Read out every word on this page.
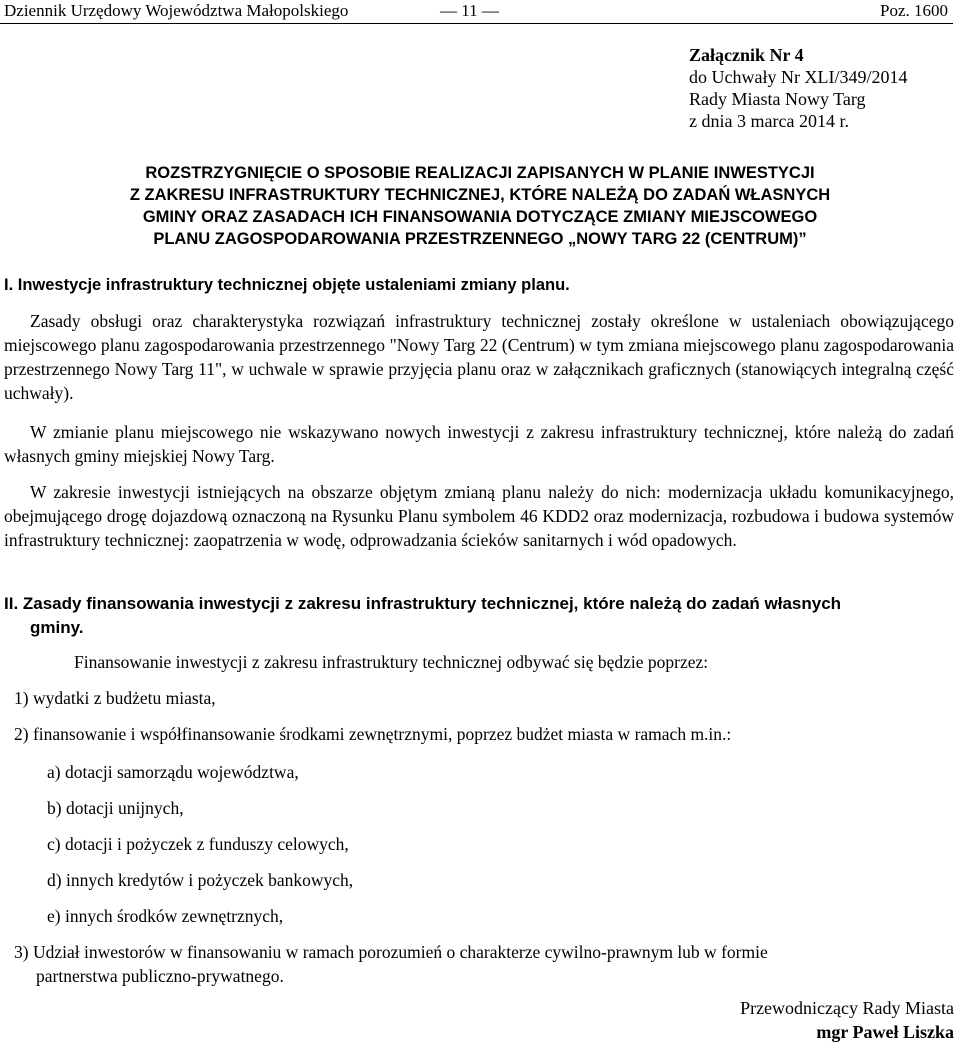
Dziennik Urzędowy Województwa Małopolskiego	— 11 —	Poz. 1600
Załącznik Nr 4
do Uchwały Nr XLI/349/2014
Rady Miasta Nowy Targ
z dnia 3 marca 2014 r.
ROZSTRZYGNIĘCIE O SPOSOBIE REALIZACJI ZAPISANYCH W PLANIE INWESTYCJI
Z ZAKRESU INFRASTRUKTURY TECHNICZNEJ, KTÓRE NALEŻĄ DO ZADAŃ WŁASNYCH
GMINY ORAZ ZASADACH ICH FINANSOWANIA DOTYCZĄCE ZMIANY MIEJSCOWEGO
PLANU ZAGOSPODAROWANIA PRZESTRZENNEGO „NOWY TARG 22 (CENTRUM)”
I. Inwestycje infrastruktury technicznej objęte ustaleniami zmiany planu.
Zasady obsługi oraz charakterystyka rozwiązań infrastruktury technicznej zostały określone w ustaleniach obowiązującego miejscowego planu zagospodarowania przestrzennego "Nowy Targ 22 (Centrum) w tym zmiana miejscowego planu zagospodarowania przestrzennego Nowy Targ 11", w uchwale w sprawie przyjęcia planu oraz w załącznikach graficznych (stanowiących integralną część uchwały).
W zmianie planu miejscowego nie wskazywano nowych inwestycji z zakresu infrastruktury technicznej, które należą do zadań własnych gminy miejskiej Nowy Targ.
W zakresie inwestycji istniejących na obszarze objętym zmianą planu należy do nich: modernizacja układu komunikacyjnego, obejmującego drogę dojazdową oznaczoną na Rysunku Planu symbolem 46 KDD2 oraz modernizacja, rozbudowa i budowa systemów infrastruktury technicznej: zaopatrzenia w wodę, odprowadzania ścieków sanitarnych i wód opadowych.
II. Zasady finansowania inwestycji z zakresu infrastruktury technicznej, które należą do zadań własnych
gminy.
Finansowanie inwestycji z zakresu infrastruktury technicznej odbywać się będzie poprzez:
1) wydatki z budżetu miasta,
2) finansowanie i współfinansowanie środkami zewnętrznymi, poprzez budżet miasta w ramach m.in.:
a) dotacji samorządu województwa,
b) dotacji unijnych,
c) dotacji i pożyczek z funduszy celowych,
d) innych kredytów i pożyczek bankowych,
e) innych środków zewnętrznych,
3) Udział inwestorów w finansowaniu w ramach porozumień o charakterze cywilno-prawnym lub w formie
partnerstwa publiczno-prywatnego.
Przewodniczący Rady Miasta
mgr Paweł Liszka
